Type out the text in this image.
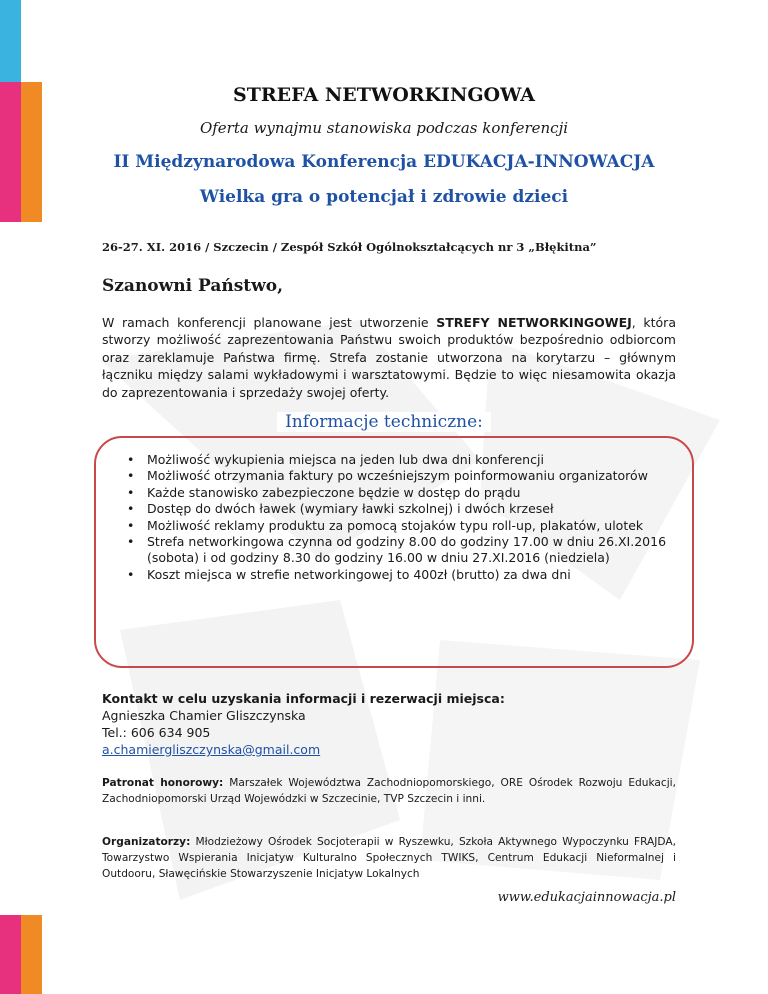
STREFA NETWORKINGOWA
Oferta wynajmu stanowiska podczas konferencji
II Międzynarodowa Konferencja EDUKACJA-INNOWACJA
Wielka gra o potencjał i zdrowie dzieci
26-27. XI. 2016 / Szczecin / Zespół Szkół Ogólnokształcących nr 3 „Błękitna”
Szanowni Państwo,
W ramach konferencji planowane jest utworzenie STREFY NETWORKINGOWEJ, która stworzy możliwość zaprezentowania Państwu swoich produktów bezpośrednio odbiorcom oraz zareklamuje Państwa firmę. Strefa zostanie utworzona na korytarzu – głównym łączniku między salami wykładowymi i warsztatowymi. Będzie to więc niesamowita okazja do zaprezentowania i sprzedaży swojej oferty.
Informacje techniczne:
• Możliwość wykupienia miejsca na jeden lub dwa dni konferencji
• Możliwość otrzymania faktury po wcześniejszym poinformowaniu organizatorów
• Każde stanowisko zabezpieczone będzie w dostęp do prądu
• Dostęp do dwóch ławek (wymiary ławki szkolnej) i dwóch krzeseł
• Możliwość reklamy produktu za pomocą stojaków typu roll-up, plakatów, ulotek
• Strefa networkingowa czynna od godziny 8.00 do godziny 17.00 w dniu 26.XI.2016 (sobota) i od godziny 8.30 do godziny 16.00 w dniu 27.XI.2016 (niedziela)
• Koszt miejsca w strefie networkingowej to 400zł (brutto) za dwa dni
Kontakt w celu uzyskania informacji i rezerwacji miejsca:
Agnieszka Chamier Gliszczynska
Tel.: 606 634 905
a.chamiergliszczynska@gmail.com
Patronat honorowy: Marszałek Województwa Zachodniopomorskiego, ORE Ośrodek Rozwoju Edukacji, Zachodniopomorski Urząd Wojewódzki w Szczecinie, TVP Szczecin i inni.
Organizatorzy: Młodzieżowy Ośrodek Socjoterapii w Ryszewku, Szkoła Aktywnego Wypoczynku FRAJDA, Towarzystwo Wspierania Inicjatyw Kulturalno Społecznych TWIKS, Centrum Edukacji Nieformalnej i Outdooru, Sławęcińskie Stowarzyszenie Inicjatyw Lokalnych
www.edukacjainnowacja.pl
